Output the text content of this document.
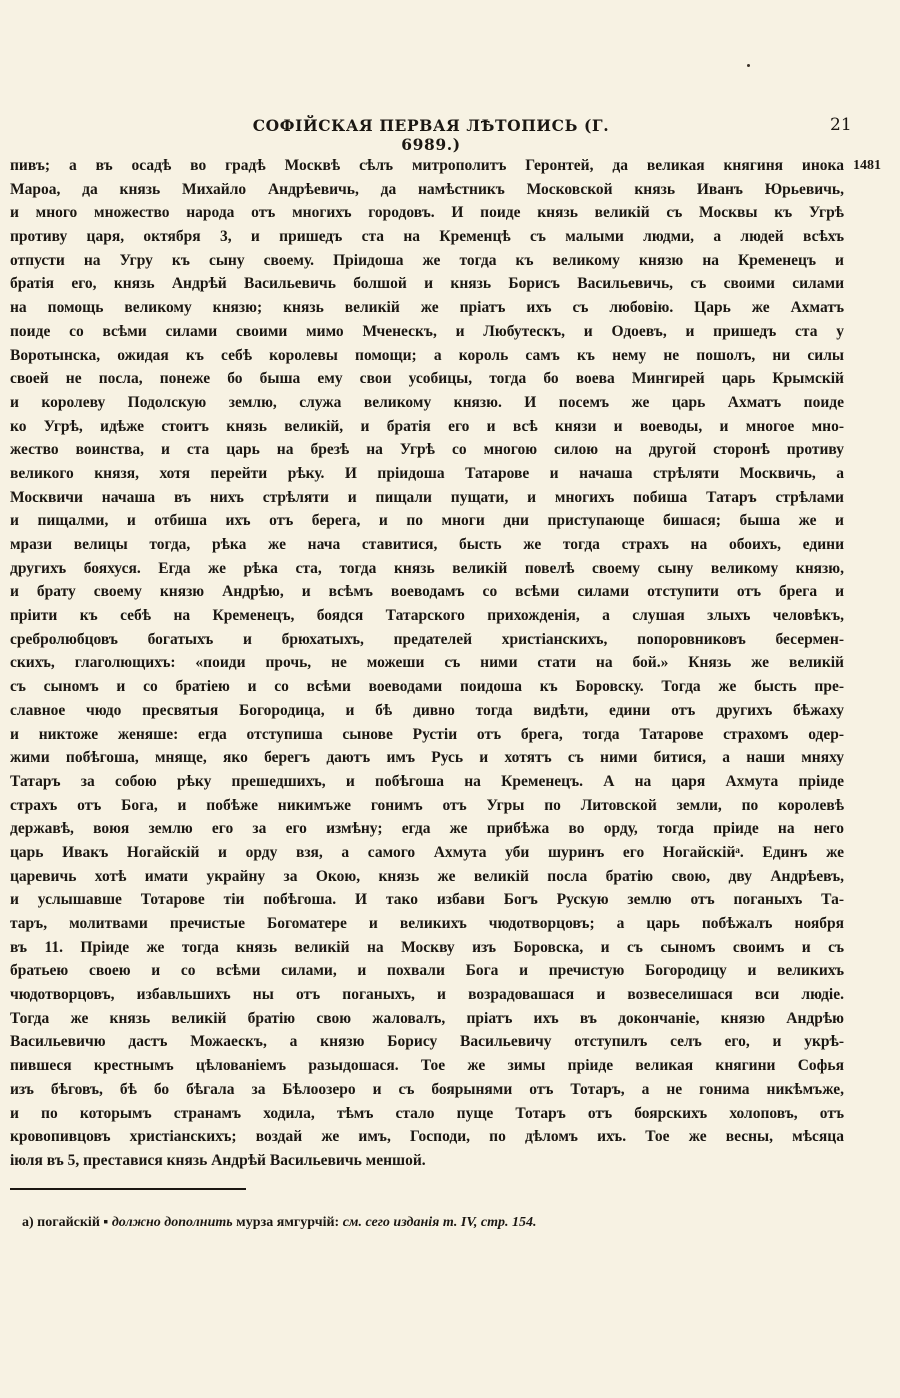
СОФІЙСКАЯ ПЕРВАЯ ЛѢТОПИСЬ (Г. 6989.)
21
1481
пивъ; а въ осадѣ во градѣ Москвѣ сѣлъ митрополитъ Геронтей, да великая княгиня инока
Мароа, да князь Михайло Андрѣевичь, да намѣстникъ Московской князь Иванъ Юрьевичь,
и много множество народа отъ многихъ городовъ. И поиде князь великій съ Москвы къ Угрѣ
противу царя, октября 3, и пришедъ ста на Кременцѣ съ малыми людми, а людей всѣхъ
отпусти на Угру къ сыну своему. Пріидоша же тогда къ великому князю на Кременецъ и
братія его, князь Андрѣй Васильевичь болшой и князь Борисъ Васильевичь, съ своими силами
на помощь великому князю; князь великій же пріатъ ихъ съ любовію. Царь же Ахматъ
поиде со всѣми силами своими мимо Мченескъ, и Любутескъ, и Одоевъ, и пришедъ ста у
Воротынска, ожидая къ себѣ королевы помощи; а король самъ къ нему не пошолъ, ни силы
своей не посла, понеже бо быша ему свои усобицы, тогда бо воева Мингирей царь Крымскій
и королеву Подолскую землю, служа великому князю. И посемъ же царь Ахматъ поиде
ко Угрѣ, идѣже стоитъ князь великій, и братія его и всѣ князи и воеводы, и многое мно-
жество воинства, и ста царь на брезѣ на Угрѣ со многою силою на другой сторонѣ противу
великого князя, хотя перейти рѣку. И пріидоша Татарове и начаша стрѣляти Москвичь, а
Москвичи начаша въ нихъ стрѣляти и пищали пущати, и многихъ побиша Татаръ стрѣлами
и пищалми, и отбиша ихъ отъ берега, и по многи дни приступающе бишася; быша же и
мрази велицы тогда, рѣка же нача ставитися, бысть же тогда страхъ на обоихъ, едини
другихъ бояхуся. Егда же рѣка ста, тогда князь великій повелѣ своему сыну великому князю,
и брату своему князю Андрѣю, и всѣмъ воеводамъ со всѣми силами отступити отъ брега и
пріити къ себѣ на Кременецъ, боядся Татарского прихожденія, а слушая злыхъ человѣкъ,
сребролюбцовъ богатыхъ и брюхатыхъ, предателей христіанскихъ, попоровниковъ бесермен-
скихъ, глаголющихъ: «поиди прочь, не можеши съ ними стати на бой.» Князь же великій
съ сыномъ и со братіею и со всѣми воеводами поидоша къ Боровску. Тогда же бысть пре-
славное чюдо пресвятыя Богородица, и бѣ дивно тогда видѣти, едини отъ другихъ бѣжаху
и никтоже женяше: егда отступиша сынове Рустіи отъ брега, тогда Татарове страхомъ одер-
жими побѣгоша, мняще, яко берегъ даютъ имъ Русь и хотятъ съ ними битися, а наши мняху
Татаръ за собою рѣку прешедшихъ, и побѣгоша на Кременецъ. А на царя Ахмута пріиде
страхъ отъ Бога, и побѣже никимъже гонимъ отъ Угры по Литовской земли, по королевѣ
державѣ, воюя землю его за его измѣну; егда же прибѣжа во орду, тогда пріиде на него
царь Ивакъ Ногайскій и орду взя, а самого Ахмута уби шуринъ его Ногайскійᵃ. Единъ же
царевичь хотѣ имати украйну за Окою, князь же великій посла братію свою, дву Андрѣевъ,
и услышавше Тотарове тіи побѣгоша. И тако избави Богъ Рускую землю отъ поганыхъ Та-
таръ, молитвами пречистые Богоматере и великихъ чюдотворцовъ; а царь побѣжалъ ноября
въ 11. Пріиде же тогда князь великій на Москву изъ Боровска, и съ сыномъ своимъ и съ
братьею своею и со всѣми силами, и похвали Бога и пречистую Богородицу и великихъ
чюдотворцовъ, избавльшихъ ны отъ поганыхъ, и возрадовашася и возвеселишася вси людіе.
Тогда же князь великій братію свою жаловалъ, пріатъ ихъ въ докончаніе, князю Андрѣю
Васильевичю дастъ Можаескъ, а князю Борису Васильевичу отступилъ селъ его, и укрѣ-
пившеся крестнымъ цѣлованіемъ разыдошася. Тое же зимы пріиде великая княгини Софья
изъ бѣговъ, бѣ бо бѣгала за Бѣлоозеро и съ боярынями отъ Тотаръ, а не гонима никѣмъже,
и по которымъ странамъ ходила, тѣмъ стало пуще Тотаръ отъ боярскихъ холоповъ, отъ
кровопивцовъ христіанскихъ; воздай же имъ, Господи, по дѣломъ ихъ. Тое же весны, мѣсяца
іюля въ 5, преставися князь Андрѣй Васильевичь меншой.
а) погайскій ▪ должно дополнить мурза ямгурчій: см. сего изданія т. IV, стр. 154.
